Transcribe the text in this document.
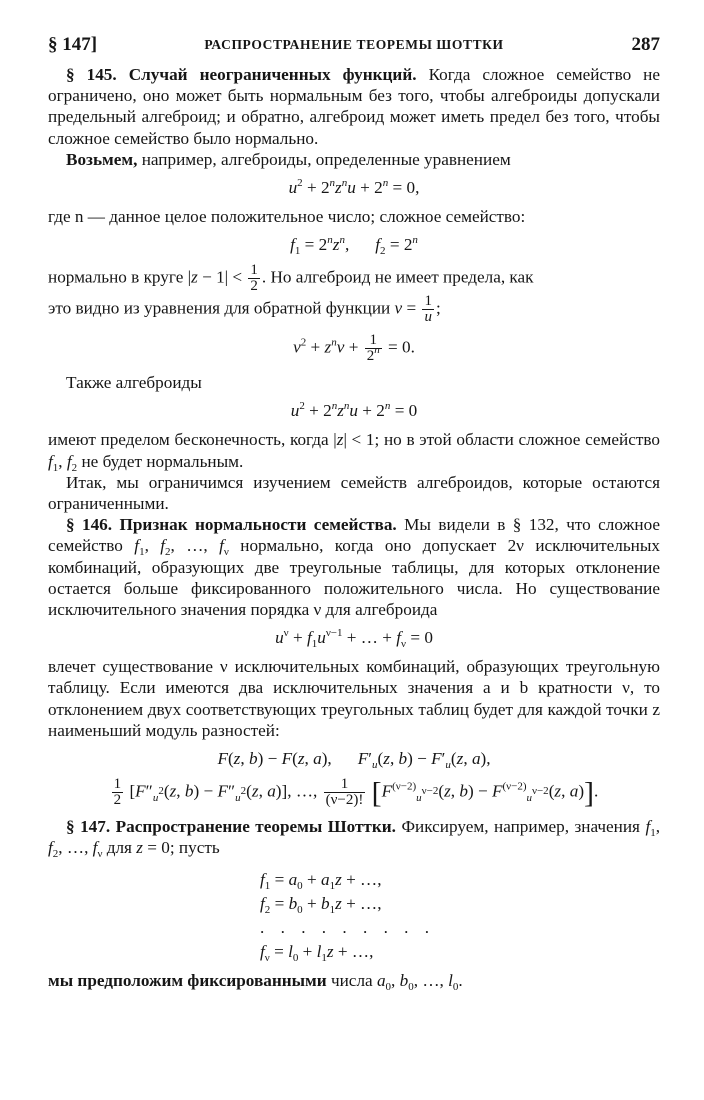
§ 147]	РАСПРОСТРАНЕНИЕ ТЕОРЕМЫ ШОТТКИ	287

§ 145. Случай неограниченных функций. Когда сложное семейство не ограничено, оно может быть нормальным без того, чтобы алгеброиды допускали предельный алгеброид; и обратно, алгеброид может иметь предел без того, чтобы сложное семейство было нормально.

Возьмем, например, алгеброиды, определенные уравнением

$u^2 + 2^nz^nu + 2^n = 0$,

где n — данное целое положительное число; сложное семейство:

$f_1 = 2^nz^n$, $f_2 = 2^n$

нормально в круге $|z - 1| < \frac{1}{2}$ . Но алгеброид не имеет предела, как

это видно из уравнения для обратной функции $v = \frac{1}{u}$ ;

$v^2 + z^nv + \frac{1}{2^n} = 0$.

Также алгеброиды

$u^2 + 2^nz^nu + 2^n = 0$

имеют пределом бесконечность, когда |z| < 1; но в этой области сложное семейство $f_1$, $f_2$ не будет нормальным.

Итак, мы ограничимся изучением семейств алгеброидов, которые остаются ограниченными.

§ 146. Признак нормальности семейства. Мы видели в § 132, что сложное семейство $f_1$, $f_2$, …, $f_\nu$ нормально, когда оно допускает 2ν исключительных комбинаций, образующих две треугольные таблицы, для которых отклонение остается больше фиксированного положительного числа. Но существование исключительного значения порядка ν для алгеброида

$u^\nu + f_1u^{\nu-1}$ + … + $f_\nu = 0$

влечет существование ν исключительных комбинаций, образующих треугольную таблицу. Если имеются два исключительных значения a и b кратности ν, то отклонением двух соответствующих треугольных таблиц будет для каждой точки z наименьший модуль разностей:

F(z, b) − F(z, a), $F'_u(z$, $b) - F'_u(z$, a),
$\frac{1}{2} [F''_{u^2}(z$, $b) - F''_{u^2}(z$, a)], …, $\frac{1}{(\nu-2)!} [F^{(\nu-2)}_{u^{\nu-2}}(z$, $b) - F^{(\nu-2)}_{u^{\nu-2}}(z$, a)].

§ 147. Распространение теоремы Шоттки. Фиксируем, например, значения $f_1$, $f_2$, …, $f_\nu$ для z = 0; пусть

$f_1 = a_0 + a_1z$ + …,
$f_2 = b_0 + b_1z$ + …,
. . . . . . . . .
$f_\nu = l_0 + l_1z$ + …,

мы предположим фиксированными числа $a_0$, $b_0$, …, $l_0$.
